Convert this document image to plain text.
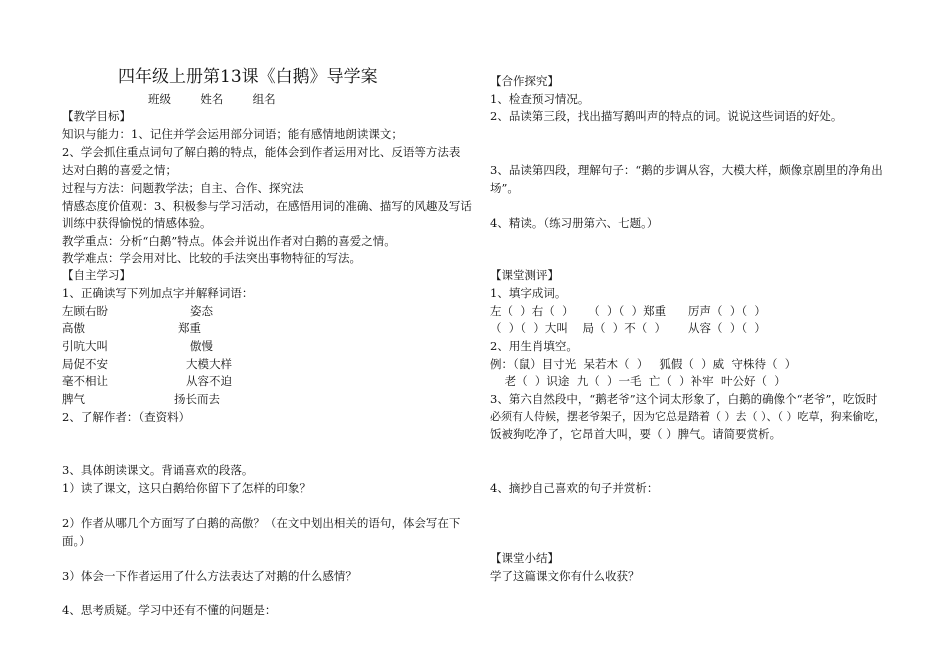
四年级上册第13课《白鹅》导学案
班级	姓名	组名
【教学目标】
知识与能力：1、记住并学会运用部分词语；能有感情地朗读课文；
2、学会抓住重点词句了解白鹅的特点，能体会到作者运用对比、反语等方法表
达对白鹅的喜爱之情；
过程与方法：问题教学法；自主、合作、探究法
情感态度价值观：3、积极参与学习活动，在感悟用词的准确、描写的风趣及写话
训练中获得愉悦的情感体验。
教学重点：分析“白鹅”特点。体会并说出作者对白鹅的喜爱之情。
教学难点：学会用对比、比较的手法突出事物特征的写法。
【自主学习】
1、正确读写下列加点字并解释词语：
左顾右盼	姿态
高傲	郑重
引吭大叫	傲慢
局促不安	大模大样
毫不相让	从容不迫
脾气	扬长而去
2、了解作者：（查资料）
3、具体朗读课文。背诵喜欢的段落。
1）读了课文，这只白鹅给你留下了怎样的印象？
2）作者从哪几个方面写了白鹅的高傲？（在文中划出相关的语句，体会写在下
面。）
3）体会一下作者运用了什么方法表达了对鹅的什么感情？
4、思考质疑。学习中还有不懂的问题是：
【合作探究】
1、检查预习情况。
2、品读第三段，找出描写鹅叫声的特点的词。说说这些词语的好处。
3、品读第四段，理解句子：“鹅的步调从容，大模大样，颇像京剧里的净角出
场”。
4、精读。（练习册第六、七题。）
【课堂测评】
1、填字成词。
左（  ）右（  ）    （  ）（  ）郑重      厉声（  ）（  ）
（  ）（  ）大叫    局（  ）不（  ）      从容（  ）（  ）
2、用生肖填空。
例：（鼠）目寸光  呆若木（  ）   狐假（  ）威  守株待（  ）
老（  ）识途  九（  ）一毛  亡（  ）补牢  叶公好（  ）
3、第六自然段中，“鹅老爷”这个词太形象了，白鹅的确像个“老爷”，吃饭时
必须有人侍候，摆老爷架子，因为它总是踏着（ ）去（ ）、（ ）吃草，狗来偷吃，
饭被狗吃净了，它昂首大叫，要（ ）脾气。请简要赏析。
4、摘抄自己喜欢的句子并赏析：
【课堂小结】
学了这篇课文你有什么收获？
